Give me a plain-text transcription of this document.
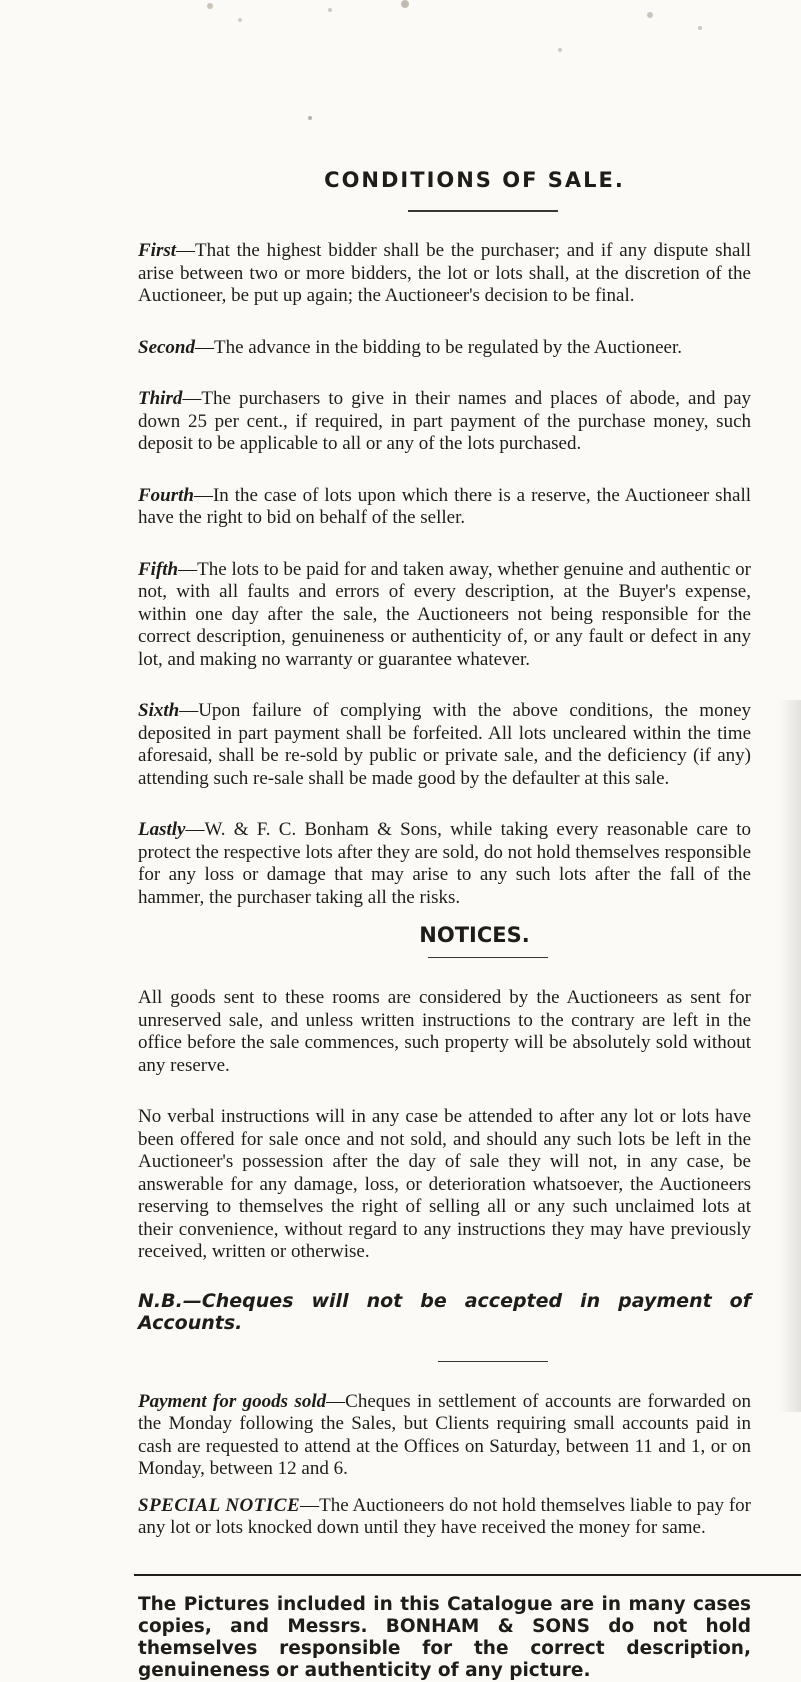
CONDITIONS OF SALE.

First—That the highest bidder shall be the purchaser; and if any dispute shall arise between two or more bidders, the lot or lots shall, at the discretion of the Auctioneer, be put up again; the Auctioneer's decision to be final.

Second—The advance in the bidding to be regulated by the Auctioneer.

Third—The purchasers to give in their names and places of abode, and pay down 25 per cent., if required, in part payment of the purchase money, such deposit to be applicable to all or any of the lots purchased.

Fourth—In the case of lots upon which there is a reserve, the Auctioneer shall have the right to bid on behalf of the seller.

Fifth—The lots to be paid for and taken away, whether genuine and authentic or not, with all faults and errors of every description, at the Buyer's expense, within one day after the sale, the Auctioneers not being responsible for the correct description, genuineness or authenticity of, or any fault or defect in any lot, and making no warranty or guarantee whatever.

Sixth—Upon failure of complying with the above conditions, the money deposited in part payment shall be forfeited. All lots uncleared within the time aforesaid, shall be re-sold by public or private sale, and the deficiency (if any) attending such re-sale shall be made good by the defaulter at this sale.

Lastly—W. & F. C. Bonham & Sons, while taking every reasonable care to protect the respective lots after they are sold, do not hold themselves responsible for any loss or damage that may arise to any such lots after the fall of the hammer, the purchaser taking all the risks.

NOTICES.

All goods sent to these rooms are considered by the Auctioneers as sent for unreserved sale, and unless written instructions to the contrary are left in the office before the sale commences, such property will be absolutely sold without any reserve.

No verbal instructions will in any case be attended to after any lot or lots have been offered for sale once and not sold, and should any such lots be left in the Auctioneer's possession after the day of sale they will not, in any case, be answerable for any damage, loss, or deterioration whatsoever, the Auctioneers reserving to themselves the right of selling all or any such unclaimed lots at their convenience, without regard to any instructions they may have previously received, written or otherwise.

N.B.—Cheques will not be accepted in payment of Accounts.

Payment for goods sold—Cheques in settlement of accounts are forwarded on the Monday following the Sales, but Clients requiring small accounts paid in cash are requested to attend at the Offices on Saturday, between 11 and 1, or on Monday, between 12 and 6.

SPECIAL NOTICE—The Auctioneers do not hold themselves liable to pay for any lot or lots knocked down until they have received the money for same.

The Pictures included in this Catalogue are in many cases copies, and Messrs. BONHAM & SONS do not hold themselves responsible for the correct description, genuineness or authenticity of any picture.
